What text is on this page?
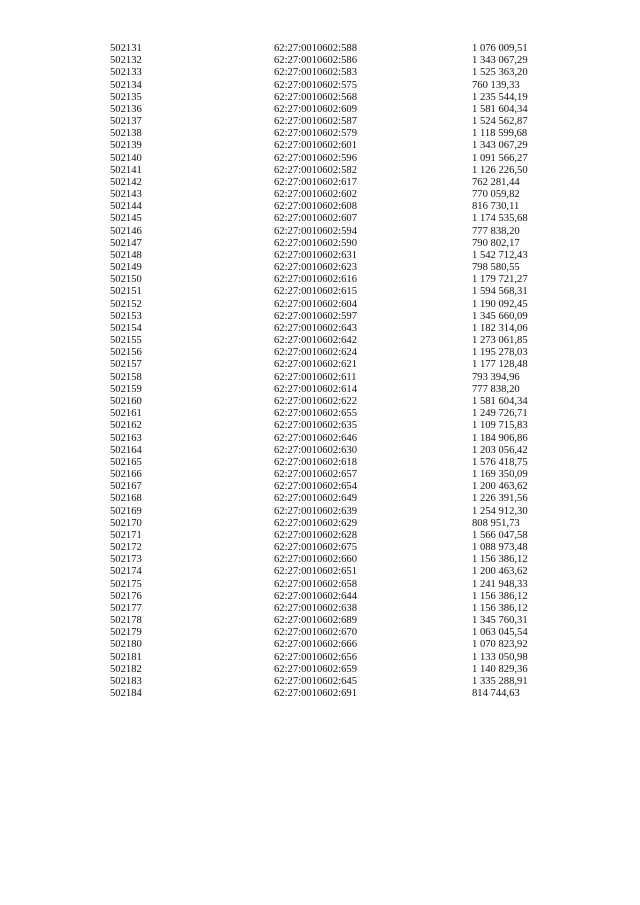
502131	62:27:0010602:588	1 076 009,51
502132	62:27:0010602:586	1 343 067,29
502133	62:27:0010602:583	1 525 363,20
502134	62:27:0010602:575	760 139,33
502135	62:27:0010602:568	1 235 544,19
502136	62:27:0010602:609	1 581 604,34
502137	62:27:0010602:587	1 524 562,87
502138	62:27:0010602:579	1 118 599,68
502139	62:27:0010602:601	1 343 067,29
502140	62:27:0010602:596	1 091 566,27
502141	62:27:0010602:582	1 126 226,50
502142	62:27:0010602:617	762 281,44
502143	62:27:0010602:602	770 059,82
502144	62:27:0010602:608	816 730,11
502145	62:27:0010602:607	1 174 535,68
502146	62:27:0010602:594	777 838,20
502147	62:27:0010602:590	790 802,17
502148	62:27:0010602:631	1 542 712,43
502149	62:27:0010602:623	798 580,55
502150	62:27:0010602:616	1 179 721,27
502151	62:27:0010602:615	1 594 568,31
502152	62:27:0010602:604	1 190 092,45
502153	62:27:0010602:597	1 345 660,09
502154	62:27:0010602:643	1 182 314,06
502155	62:27:0010602:642	1 273 061,85
502156	62:27:0010602:624	1 195 278,03
502157	62:27:0010602:621	1 177 128,48
502158	62:27:0010602:611	793 394,96
502159	62:27:0010602:614	777 838,20
502160	62:27:0010602:622	1 581 604,34
502161	62:27:0010602:655	1 249 726,71
502162	62:27:0010602:635	1 109 715,83
502163	62:27:0010602:646	1 184 906,86
502164	62:27:0010602:630	1 203 056,42
502165	62:27:0010602:618	1 576 418,75
502166	62:27:0010602:657	1 169 350,09
502167	62:27:0010602:654	1 200 463,62
502168	62:27:0010602:649	1 226 391,56
502169	62:27:0010602:639	1 254 912,30
502170	62:27:0010602:629	808 951,73
502171	62:27:0010602:628	1 566 047,58
502172	62:27:0010602:675	1 088 973,48
502173	62:27:0010602:660	1 156 386,12
502174	62:27:0010602:651	1 200 463,62
502175	62:27:0010602:658	1 241 948,33
502176	62:27:0010602:644	1 156 386,12
502177	62:27:0010602:638	1 156 386,12
502178	62:27:0010602:689	1 345 760,31
502179	62:27:0010602:670	1 063 045,54
502180	62:27:0010602:666	1 070 823,92
502181	62:27:0010602:656	1 133 050,98
502182	62:27:0010602:659	1 140 829,36
502183	62:27:0010602:645	1 335 288,91
502184	62:27:0010602:691	814 744,63
